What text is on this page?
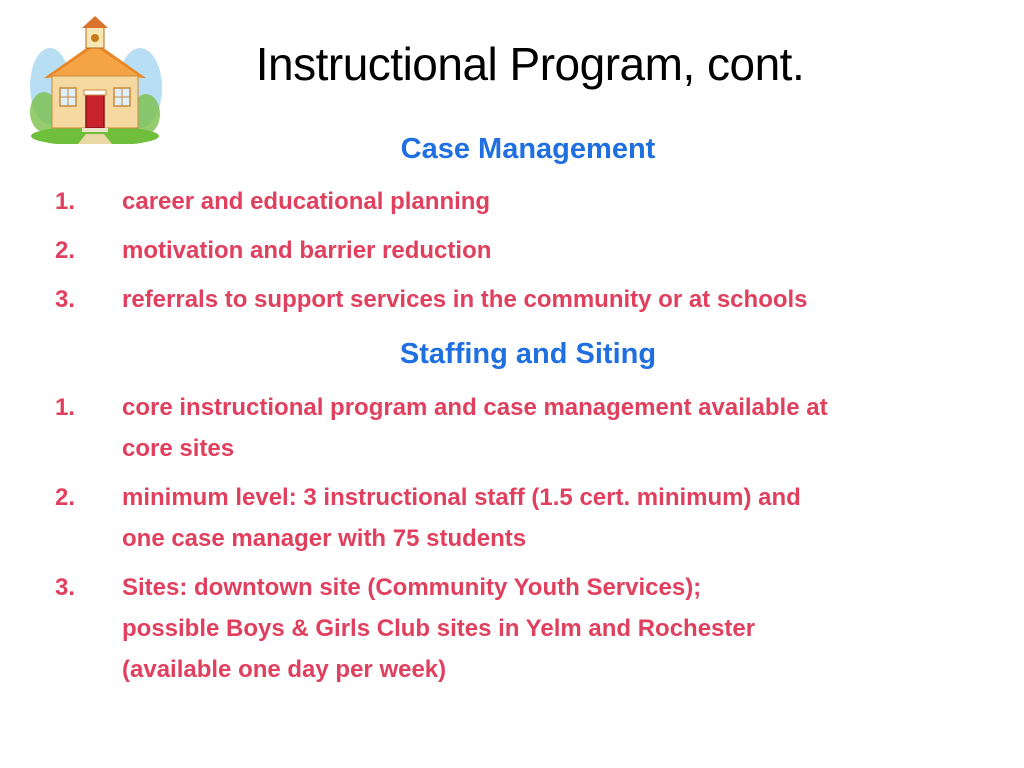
Instructional Program, cont.
Case Management
1. career and educational planning
2. motivation and barrier reduction
3. referrals to support services in the community or at schools
Staffing and Siting
1. core instructional program and case management available at
core sites
2. minimum level: 3 instructional staff (1.5 cert. minimum) and
one case manager with 75 students
3. Sites: downtown site (Community Youth Services);
possible Boys & Girls Club sites in Yelm and Rochester
(available one day per week)
